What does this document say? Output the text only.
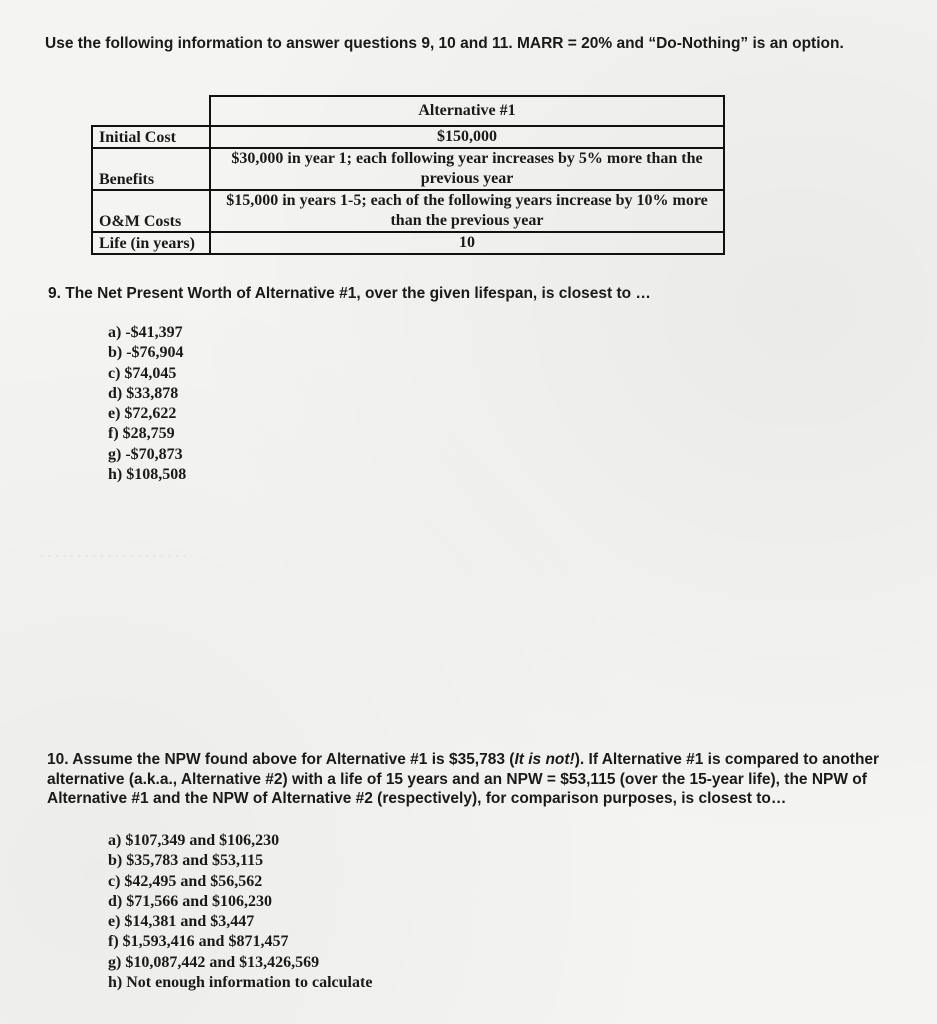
Use the following information to answer questions 9, 10 and 11. MARR = 20% and “Do-Nothing” is an option.
	Alternative #1
Initial Cost	$150,000
Benefits	$30,000 in year 1; each following year increases by 5% more than the previous year
O&M Costs	$15,000 in years 1-5; each of the following years increase by 10% more than the previous year
Life (in years)	10
9. The Net Present Worth of Alternative #1, over the given lifespan, is closest to …
a) -$41,397
b) -$76,904
c) $74,045
d) $33,878
e) $72,622
f) $28,759
g) -$70,873
h) $108,508
10. Assume the NPW found above for Alternative #1 is $35,783 (It is not!). If Alternative #1 is compared to another alternative (a.k.a., Alternative #2) with a life of 15 years and an NPW = $53,115 (over the 15-year life), the NPW of Alternative #1 and the NPW of Alternative #2 (respectively), for comparison purposes, is closest to…
a) $107,349 and $106,230
b) $35,783 and $53,115
c) $42,495 and $56,562
d) $71,566 and $106,230
e) $14,381 and $3,447
f) $1,593,416 and $871,457
g) $10,087,442 and $13,426,569
h) Not enough information to calculate
